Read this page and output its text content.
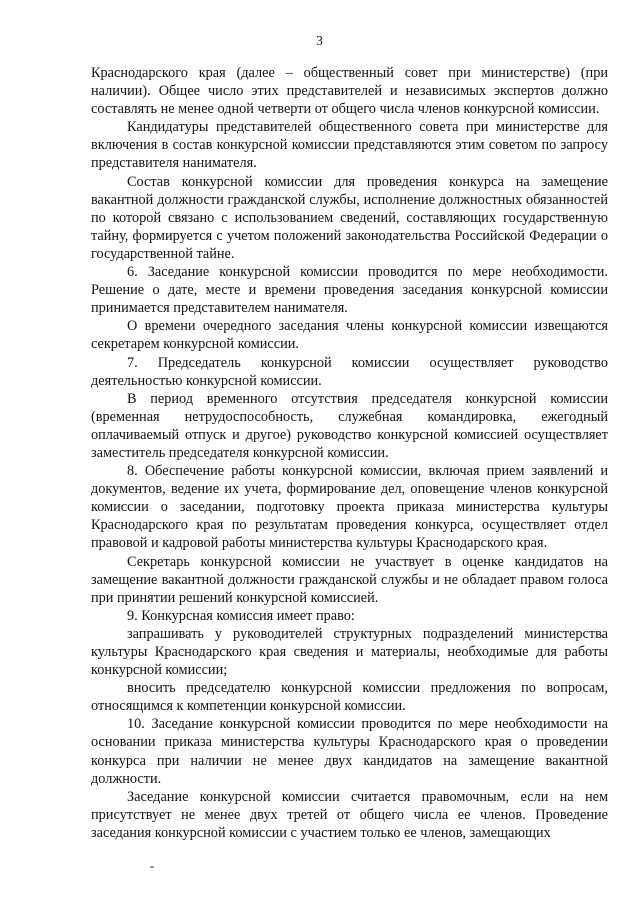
3

Краснодарского края (далее – общественный совет при министерстве) (при наличии). Общее число этих представителей и независимых экспертов должно составлять не менее одной четверти от общего числа членов конкурсной комиссии.

Кандидатуры представителей общественного совета при министерстве для включения в состав конкурсной комиссии представляются этим советом по запросу представителя нанимателя.

Состав конкурсной комиссии для проведения конкурса на замещение вакантной должности гражданской службы, исполнение должностных обязанностей по которой связано с использованием сведений, составляющих государственную тайну, формируется с учетом положений законодательства Российской Федерации о государственной тайне.

6. Заседание конкурсной комиссии проводится по мере необходимости. Решение о дате, месте и времени проведения заседания конкурсной комиссии принимается представителем нанимателя.

О времени очередного заседания члены конкурсной комиссии извещаются секретарем конкурсной комиссии.

7. Председатель конкурсной комиссии осуществляет руководство деятельностью конкурсной комиссии.

В период временного отсутствия председателя конкурсной комиссии (временная нетрудоспособность, служебная командировка, ежегодный оплачиваемый отпуск и другое) руководство конкурсной комиссией осуществляет заместитель председателя конкурсной комиссии.

8. Обеспечение работы конкурсной комиссии, включая прием заявлений и документов, ведение их учета, формирование дел, оповещение членов конкурсной комиссии о заседании, подготовку проекта приказа министерства культуры Краснодарского края по результатам проведения конкурса, осуществляет отдел правовой и кадровой работы министерства культуры Краснодарского края.

Секретарь конкурсной комиссии не участвует в оценке кандидатов на замещение вакантной должности гражданской службы и не обладает правом голоса при принятии решений конкурсной комиссией.

9. Конкурсная комиссия имеет право:

запрашивать у руководителей структурных подразделений министерства культуры Краснодарского края сведения и материалы, необходимые для работы конкурсной комиссии;

вносить председателю конкурсной комиссии предложения по вопросам, относящимся к компетенции конкурсной комиссии.

10. Заседание конкурсной комиссии проводится по мере необходимости на основании приказа министерства культуры Краснодарского края о проведении конкурса при наличии не менее двух кандидатов на замещение вакантной должности.

Заседание конкурсной комиссии считается правомочным, если на нем присутствует не менее двух третей от общего числа ее членов. Проведение заседания конкурсной комиссии с участием только ее членов, замещающих
